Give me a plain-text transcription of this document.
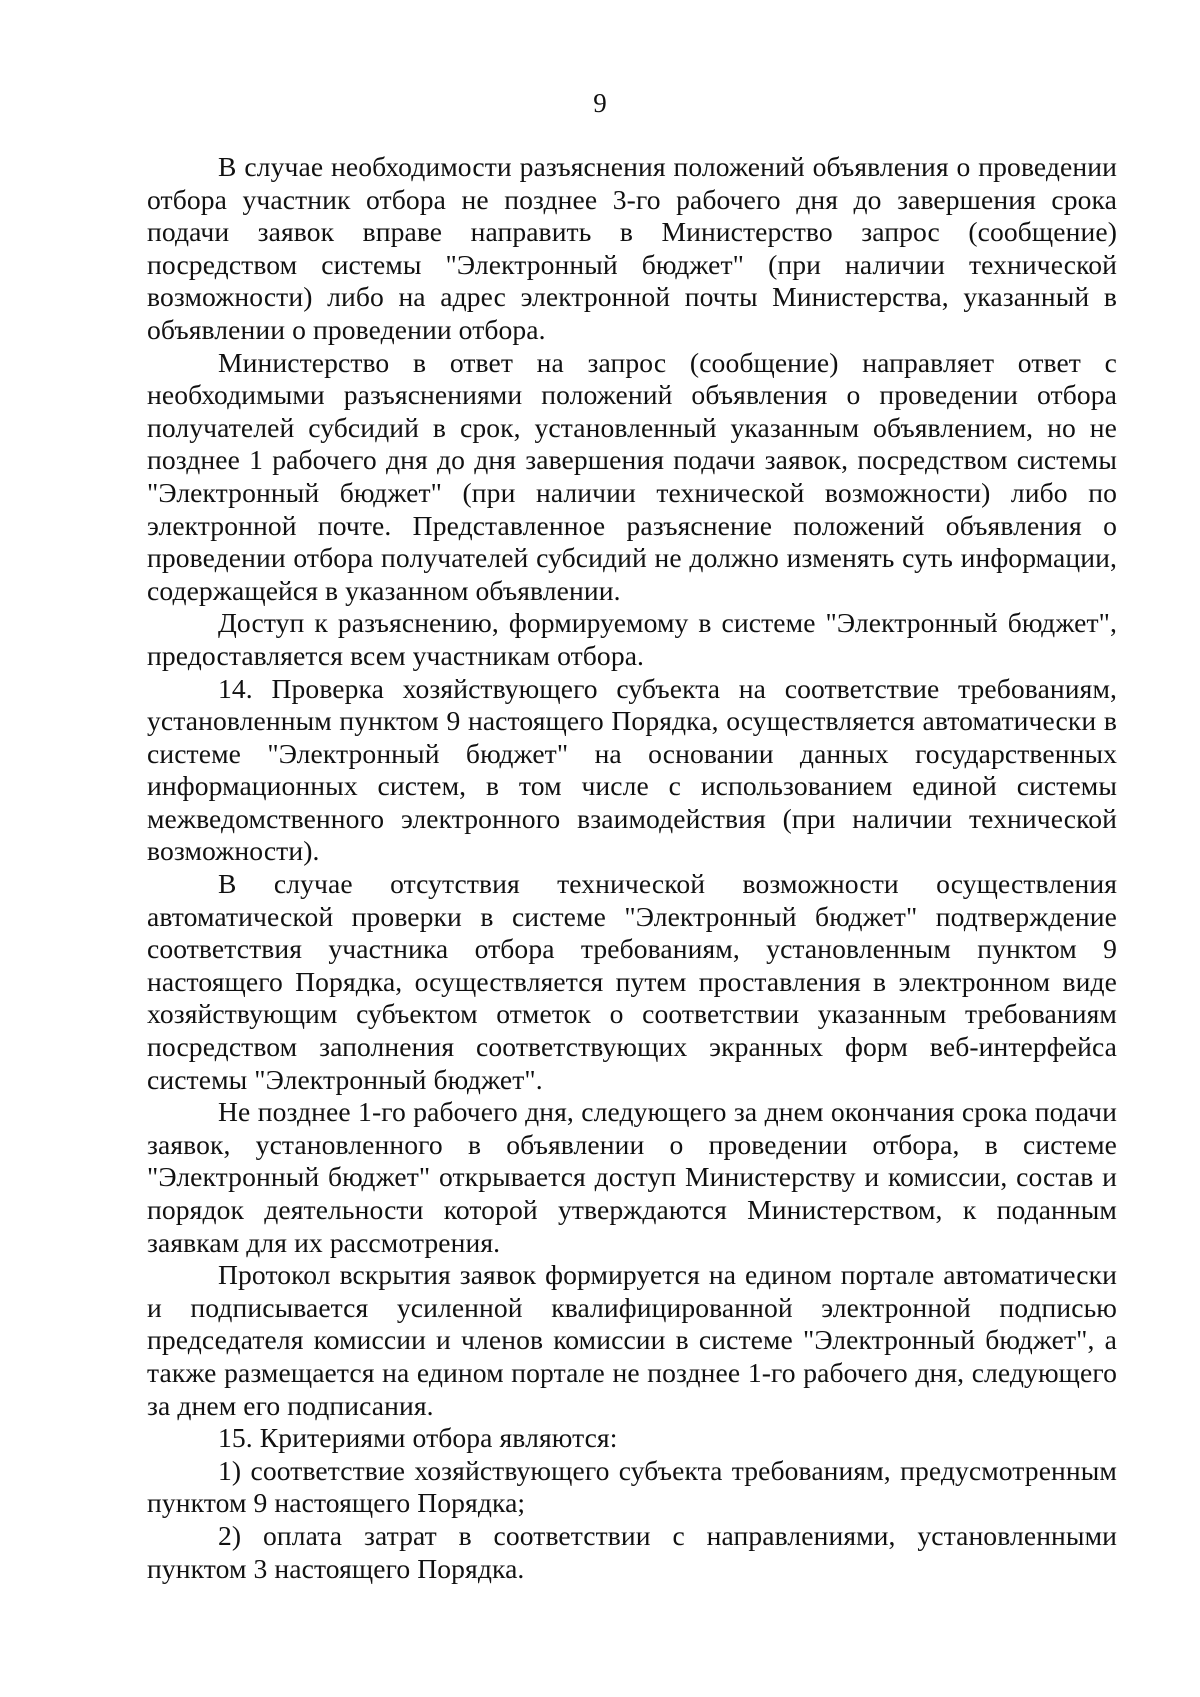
9

В случае необходимости разъяснения положений объявления о проведении отбора участник отбора не позднее 3-го рабочего дня до завершения срока подачи заявок вправе направить в Министерство запрос (сообщение) посредством системы "Электронный бюджет" (при наличии технической возможности) либо на адрес электронной почты Министерства, указанный в объявлении о проведении отбора.

Министерство в ответ на запрос (сообщение) направляет ответ с необходимыми разъяснениями положений объявления о проведении отбора получателей субсидий в срок, установленный указанным объявлением, но не позднее 1 рабочего дня до дня завершения подачи заявок, посредством системы "Электронный бюджет" (при наличии технической возможности) либо по электронной почте. Представленное разъяснение положений объявления о проведении отбора получателей субсидий не должно изменять суть информации, содержащейся в указанном объявлении.

Доступ к разъяснению, формируемому в системе "Электронный бюджет", предоставляется всем участникам отбора.

14. Проверка хозяйствующего субъекта на соответствие требованиям, установленным пунктом 9 настоящего Порядка, осуществляется автоматически в системе "Электронный бюджет" на основании данных государственных информационных систем, в том числе с использованием единой системы межведомственного электронного взаимодействия (при наличии технической возможности).

В случае отсутствия технической возможности осуществления автоматической проверки в системе "Электронный бюджет" подтверждение соответствия участника отбора требованиям, установленным пунктом 9 настоящего Порядка, осуществляется путем проставления в электронном виде хозяйствующим субъектом отметок о соответствии указанным требованиям посредством заполнения соответствующих экранных форм веб-интерфейса системы "Электронный бюджет".

Не позднее 1-го рабочего дня, следующего за днем окончания срока подачи заявок, установленного в объявлении о проведении отбора, в системе "Электронный бюджет" открывается доступ Министерству и комиссии, состав и порядок деятельности которой утверждаются Министерством, к поданным заявкам для их рассмотрения.

Протокол вскрытия заявок формируется на едином портале автоматически и подписывается усиленной квалифицированной электронной подписью председателя комиссии и членов комиссии в системе "Электронный бюджет", а также размещается на едином портале не позднее 1-го рабочего дня, следующего за днем его подписания.

15. Критериями отбора являются:

1) соответствие хозяйствующего субъекта требованиям, предусмотренным пунктом 9 настоящего Порядка;

2) оплата затрат в соответствии с направлениями, установленными пунктом 3 настоящего Порядка.
